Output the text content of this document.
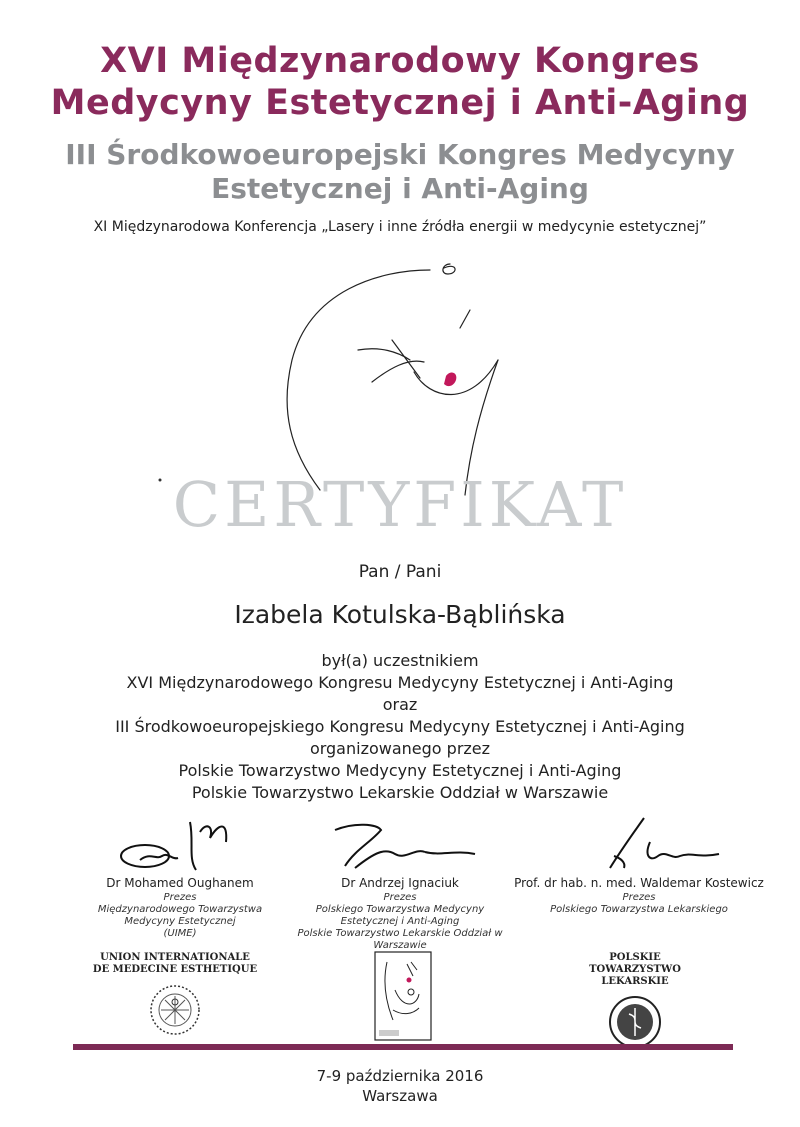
XVI Międzynarodowy Kongres
Medycyny Estetycznej i Anti-Aging
III Środkowoeuropejski Kongres Medycyny
Estetycznej i Anti-Aging
XI Międzynarodowa Konferencja „Lasery i inne źródła energii w medycynie estetycznej”
CERTYFIKAT
Pan / Pani
Izabela Kotulska-Bąblińska
był(a) uczestnikiem
XVI Międzynarodowego Kongresu Medycyny Estetycznej i Anti-Aging
oraz
III Środkowoeuropejskiego Kongresu Medycyny Estetycznej i Anti-Aging
organizowanego przez
Polskie Towarzystwo Medycyny Estetycznej i Anti-Aging
Polskie Towarzystwo Lekarskie Oddział w Warszawie
Dr Mohamed Oughanem
Prezes
Międzynarodowego Towarzystwa
Medycyny Estetycznej
(UIME)
Dr Andrzej Ignaciuk
Prezes
Polskiego Towarzystwa Medycyny
Estetycznej i Anti-Aging
Polskie Towarzystwo Lekarskie Oddział w Warszawie
Prof. dr hab. n. med. Waldemar Kostewicz
Prezes
Polskiego Towarzystwa Lekarskiego
UNION INTERNATIONALE
DE MEDECINE ESTHETIQUE
POLSKIE
TOWARZYSTWO LEKARSKIE
7-9 października 2016
Warszawa
